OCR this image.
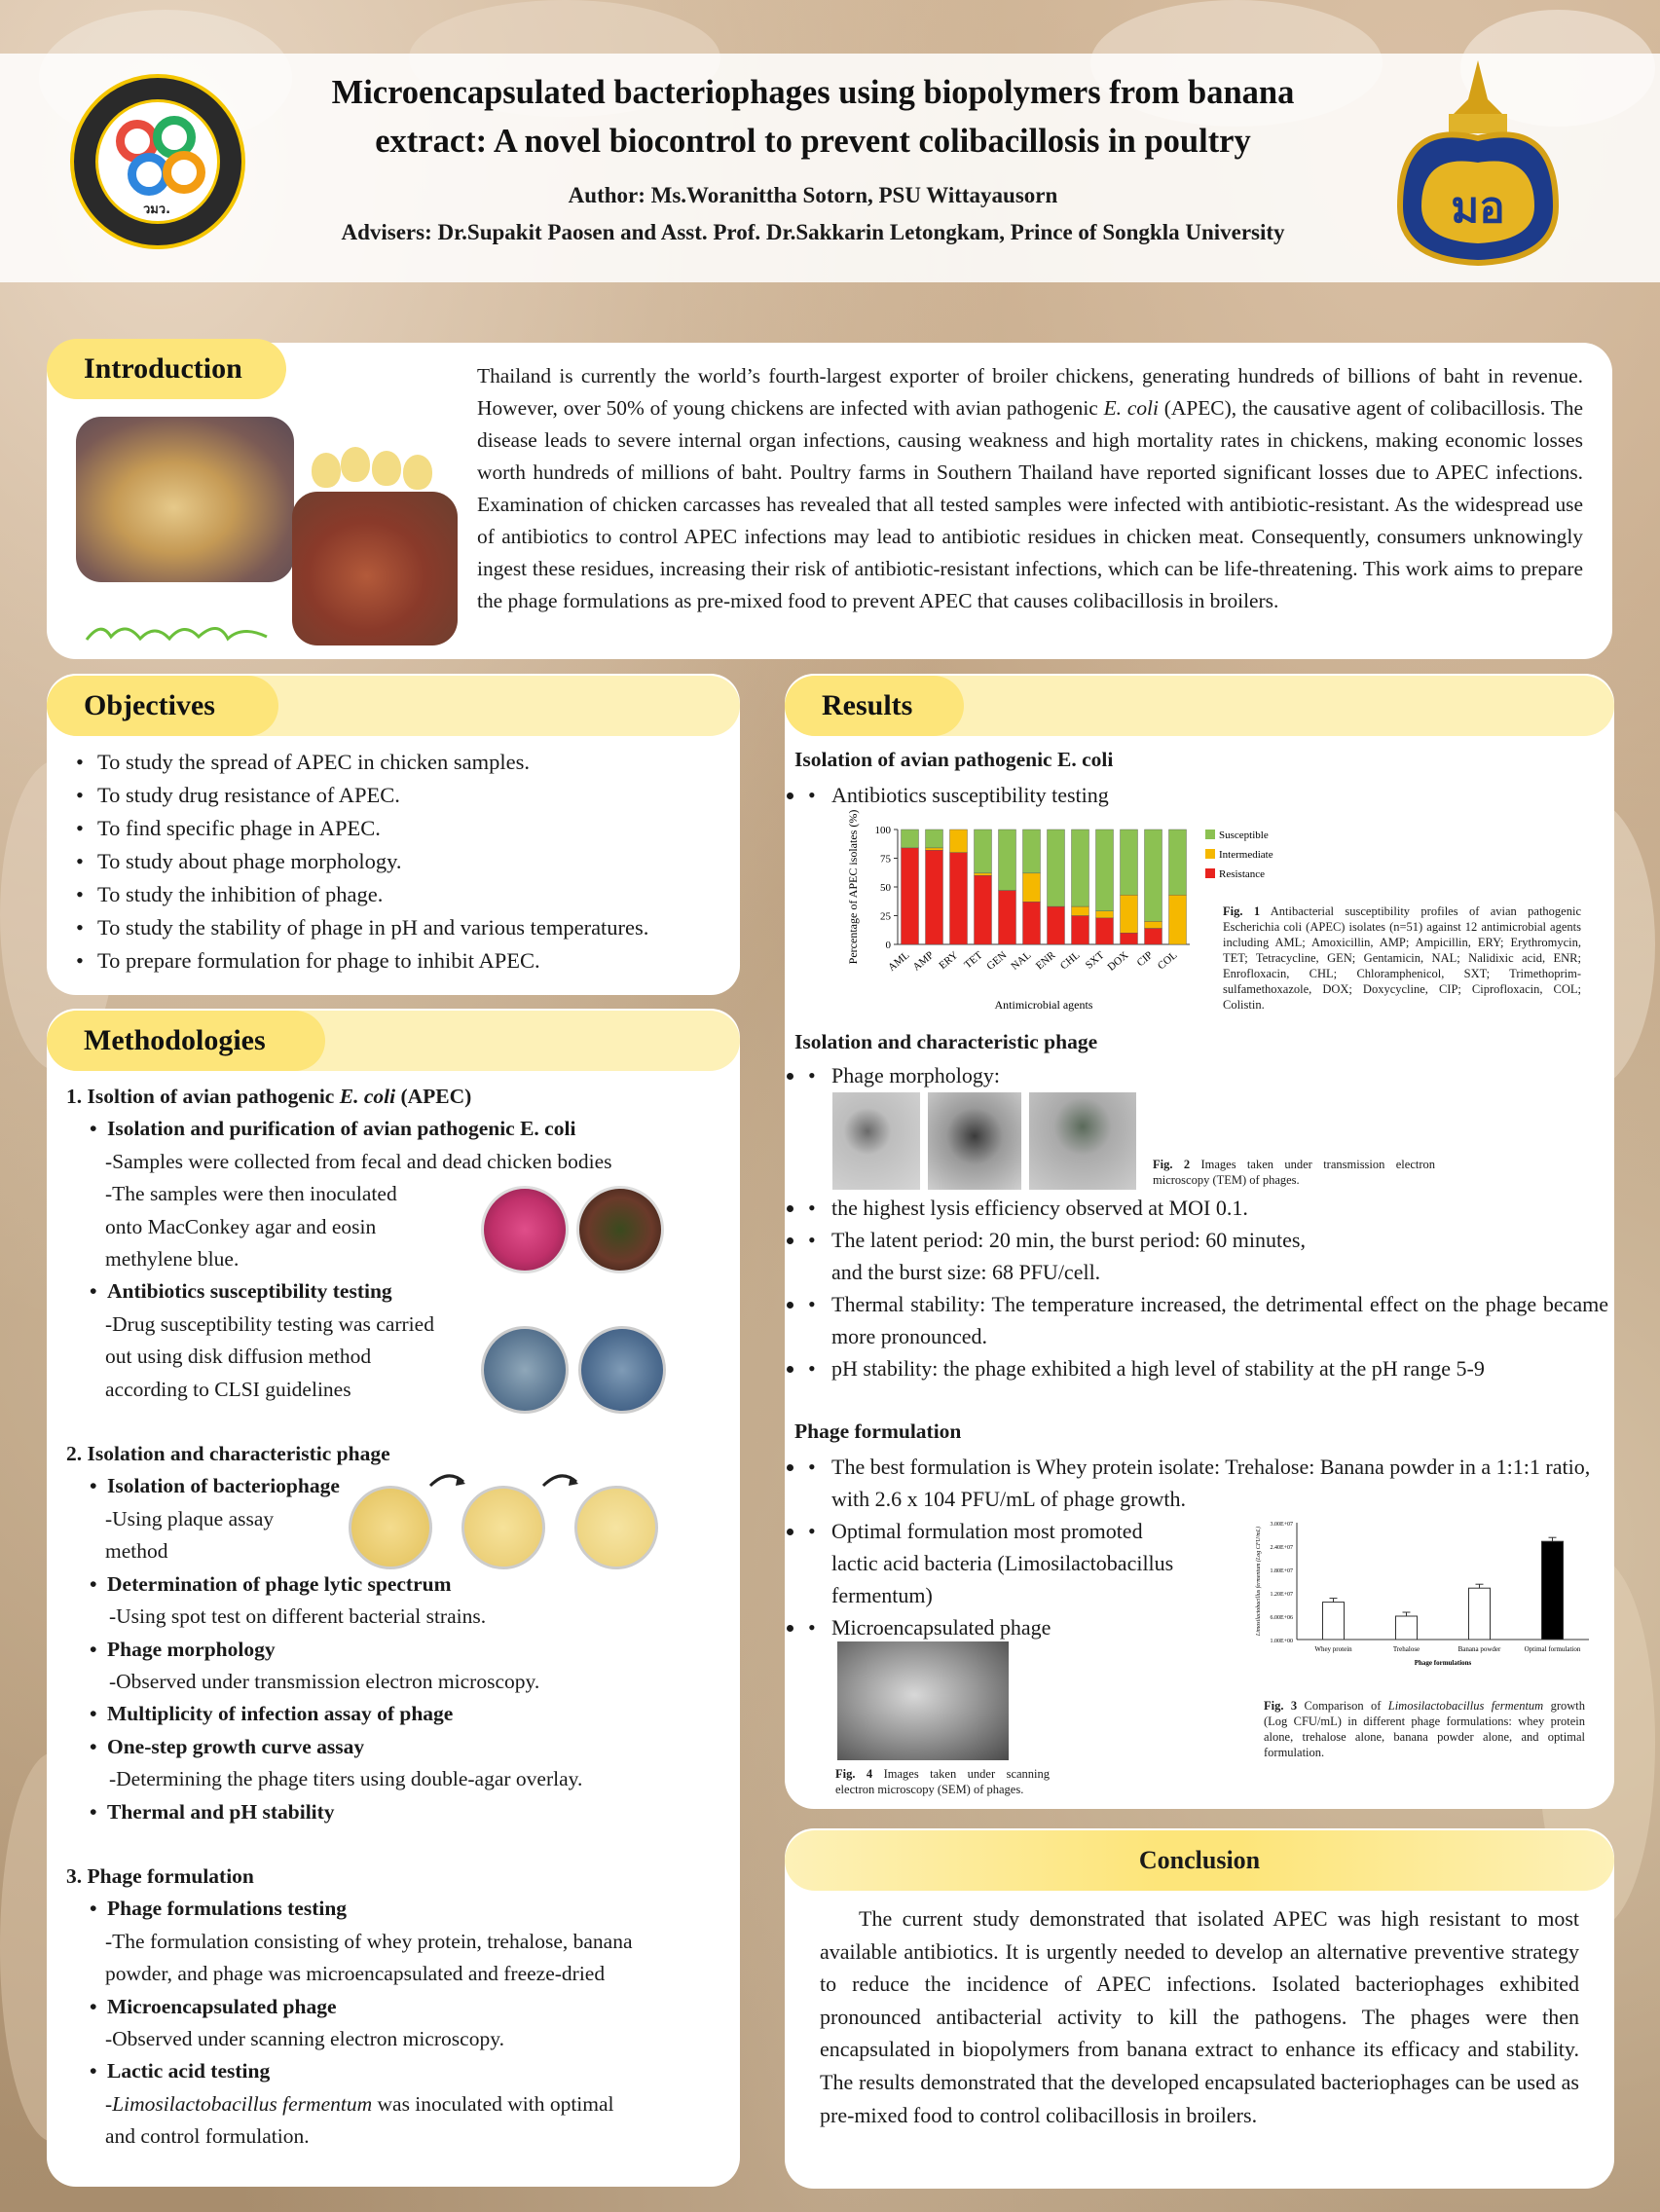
วมว.	มอ
Microencapsulated bacteriophages using biopolymers from banana
extract: A novel biocontrol to prevent colibacillosis in poultry
Author: Ms.Woranittha Sotorn, PSU Wittayausorn
Advisers: Dr.Supakit Paosen and Asst. Prof. Dr.Sakkarin Letongkam, Prince of Songkla University
Introduction	Thailand is currently the world’s fourth-largest exporter of broiler chickens, generating hundreds of billions of baht in revenue. However, over 50% of young chickens are infected with avian pathogenic E. coli (APEC), the causative agent of colibacillosis. The disease leads to severe internal organ infections, causing weakness and high mortality rates in chickens, making economic losses worth hundreds of millions of baht. Poultry farms in Southern Thailand have reported significant losses due to APEC infections. Examination of chicken carcasses has revealed that all tested samples were infected with antibiotic-resistant. As the widespread use of antibiotics to control APEC infections may lead to antibiotic residues in chicken meat. Consequently, consumers unknowingly ingest these residues, increasing their risk of antibiotic-resistant infections, which can be life-threatening. This work aims to prepare the phage formulations as pre-mixed food to prevent APEC that causes colibacillosis in broilers.
Objectives
• To study the spread of APEC in chicken samples.
• To study drug resistance of APEC.
• To find specific phage in APEC.
• To study about phage morphology.
• To study the inhibition of phage.
• To study the stability of phage in pH and various temperatures.
• To prepare formulation for phage to inhibit APEC.
Methodologies
1. Isoltion of avian pathogenic E. coli (APEC)
• Isolation and purification of avian pathogenic E. coli
-Samples were collected from fecal and dead chicken bodies
-The samples were then inoculated
onto MacConkey agar and eosin
methylene blue.
• Antibiotics susceptibility testing
-Drug susceptibility testing was carried
out using disk diffusion method
according to CLSI guidelines
2. Isolation and characteristic phage
• Isolation of bacteriophage
-Using plaque assay
method
• Determination of phage lytic spectrum
-Using spot test on different bacterial strains.
• Phage morphology
-Observed under transmission electron microscopy.
• Multiplicity of infection assay of phage
• One-step growth curve assay
-Determining the phage titers using double-agar overlay.
• Thermal and pH stability
3. Phage formulation
• Phage formulations testing
-The formulation consisting of whey protein, trehalose, banana
powder, and phage was microencapsulated and freeze-dried
• Microencapsulated phage
-Observed under scanning electron microscopy.
• Lactic acid testing
-Limosilactobacillus fermentum was inoculated with optimal
and control formulation.
Results
Isolation of avian pathogenic E. coli
• • Antibiotics susceptibility testing
0
25
50
75
100
AML AMP ERY TET GEN NAL ENR CHL SXT DOX CIP COL
Antimicrobial agents
Percentage of APEC isolates (%)	Susceptible
Intermediate
Resistance
Fig. 1 Antibacterial susceptibility profiles of avian pathogenic Escherichia coli (APEC) isolates (n=51) against 12 antimicrobial agents including AML; Amoxicillin, AMP; Ampicillin, ERY; Erythromycin, TET; Tetracycline, GEN; Gentamicin, NAL; Nalidixic acid, ENR; Enrofloxacin, CHL; Chloramphenicol, SXT; Trimethoprim-sulfamethoxazole, DOX; Doxycycline, CIP; Ciprofloxacin, COL; Colistin.
Isolation and characteristic phage
• • Phage morphology:
Fig. 2 Images taken under transmission electron microscopy (TEM) of phages.
• • the highest lysis efficiency observed at MOI 0.1.
• • The latent period: 20 min, the burst period: 60 minutes,
and the burst size: 68 PFU/cell.
• • Thermal stability: The temperature increased, the detrimental effect on the phage became more pronounced.
• • pH stability: the phage exhibited a high level of stability at the pH range 5-9
Phage formulation
• • The best formulation is Whey protein isolate: Trehalose: Banana powder in a 1:1:1 ratio, with 2.6 x 104 PFU/mL of phage growth.
• • Optimal formulation most promoted
lactic acid bacteria (Limosilactobacillus
fermentum)
• • Microencapsulated phage
1.00E+00
6.00E+06
1.20E+07
1.80E+07
2.40E+07
3.00E+07
Whey protein	Trehalose	Banana powder	Optimal formulation
Phage formulations
Limosilactobacillus fermentum (Log CFU/mL)
Fig. 3 Comparison of Limosilactobacillus fermentum growth (Log CFU/mL) in different phage formulations: whey protein alone, trehalose alone, banana powder alone, and optimal formulation.
Fig. 4 Images taken under scanning electron microscopy (SEM) of phages.
Conclusion
The current study demonstrated that isolated APEC was high resistant to most available antibiotics. It is urgently needed to develop an alternative preventive strategy to reduce the incidence of APEC infections. Isolated bacteriophages exhibited pronounced antibacterial activity to kill the pathogens. The phages were then encapsulated in biopolymers from banana extract to enhance its efficacy and stability. The results demonstrated that the developed encapsulated bacteriophages can be used as pre-mixed food to control colibacillosis in broilers.
